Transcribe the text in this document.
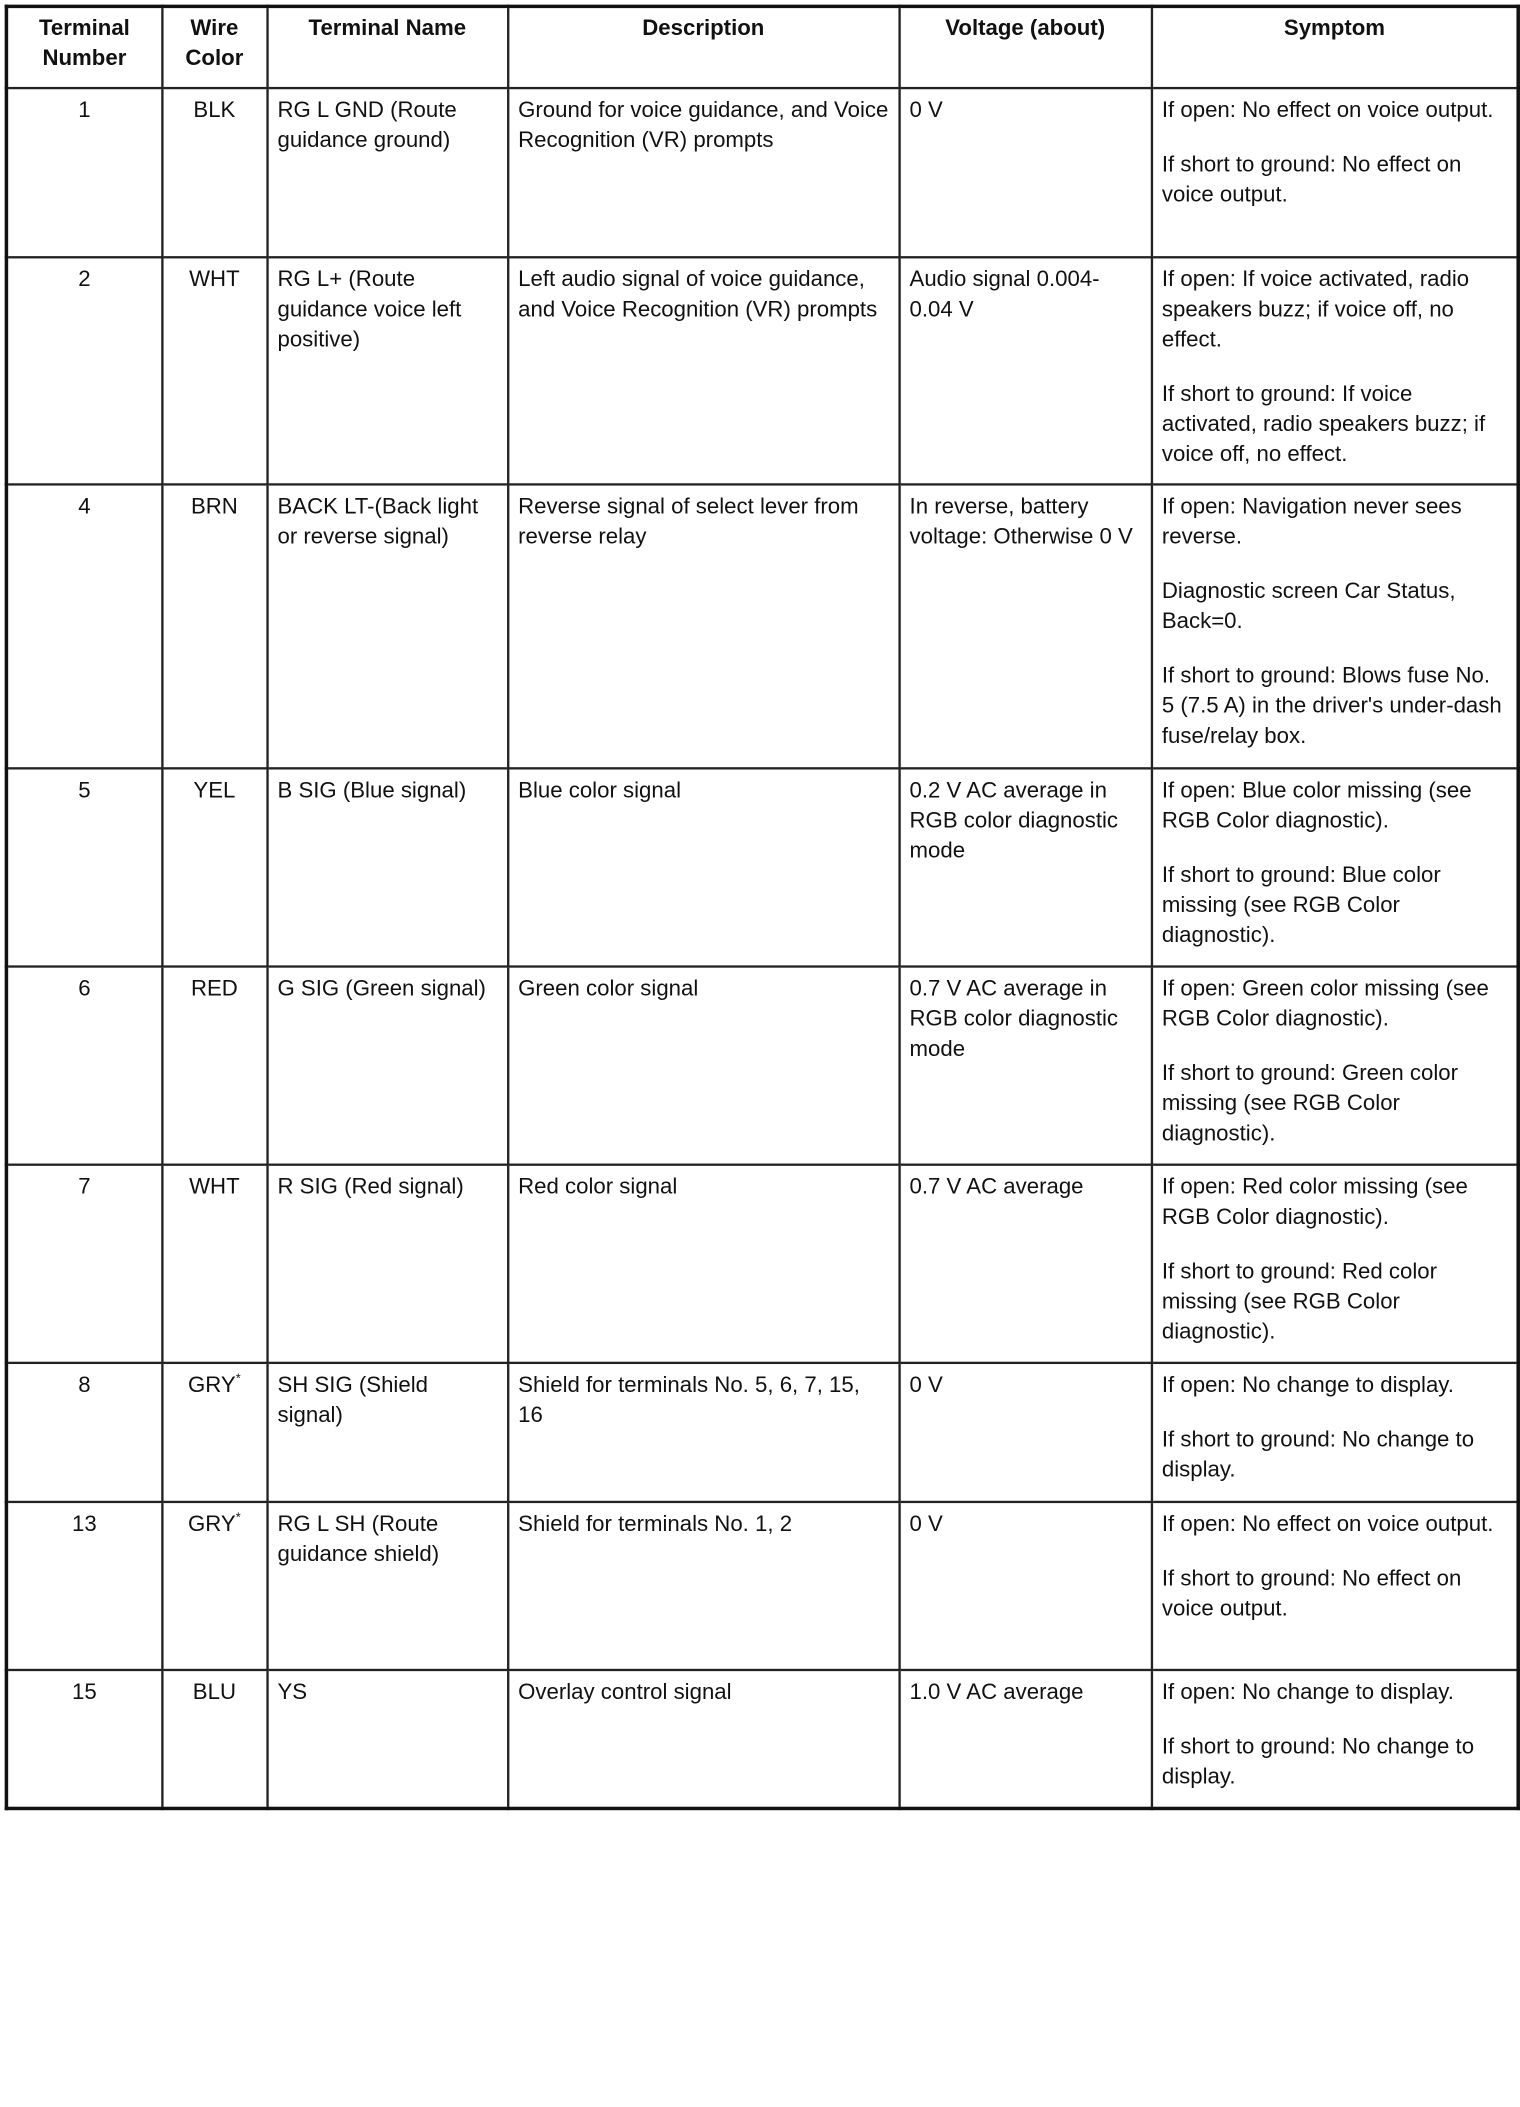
Terminal Number	Wire Color	Terminal Name	Description	Voltage (about)	Symptom
1	BLK	RG L GND (Route guidance ground)	Ground for voice guidance, and Voice Recognition (VR) prompts	0 V	If open: No effect on voice output.
If short to ground: No effect on voice output.

2	WHT	RG L+ (Route guidance voice left positive)	Left audio signal of voice guidance, and Voice Recognition (VR) prompts	Audio signal 0.004-0.04 V	If open: If voice activated, radio speakers buzz; if voice off, no effect.
If short to ground: If voice activated, radio speakers buzz; if voice off, no effect.

4	BRN	BACK LT-(Back light or reverse signal)	Reverse signal of select lever from reverse relay	In reverse, battery voltage: Otherwise 0 V	If open: Navigation never sees reverse.
Diagnostic screen Car Status, Back=0.
If short to ground: Blows fuse No. 5 (7.5 A) in the driver's under-dash fuse/relay box.

5	YEL	B SIG (Blue signal)	Blue color signal	0.2 V AC average in RGB color diagnostic mode	If open: Blue color missing (see RGB Color diagnostic).
If short to ground: Blue color missing (see RGB Color diagnostic).

6	RED	G SIG (Green signal)	Green color signal	0.7 V AC average in RGB color diagnostic mode	If open: Green color missing (see RGB Color diagnostic).
If short to ground: Green color missing (see RGB Color diagnostic).

7	WHT	R SIG (Red signal)	Red color signal	0.7 V AC average	If open: Red color missing (see RGB Color diagnostic).
If short to ground: Red color missing (see RGB Color diagnostic).

8	GRY*	SH SIG (Shield signal)	Shield for terminals No. 5, 6, 7, 15, 16	0 V	If open: No change to display.
If short to ground: No change to display.

13	GRY*	RG L SH (Route guidance shield)	Shield for terminals No. 1, 2	0 V	If open: No effect on voice output.
If short to ground: No effect on voice output.

15	BLU	YS	Overlay control signal	1.0 V AC average	If open: No change to display.
If short to ground: No change to display.
